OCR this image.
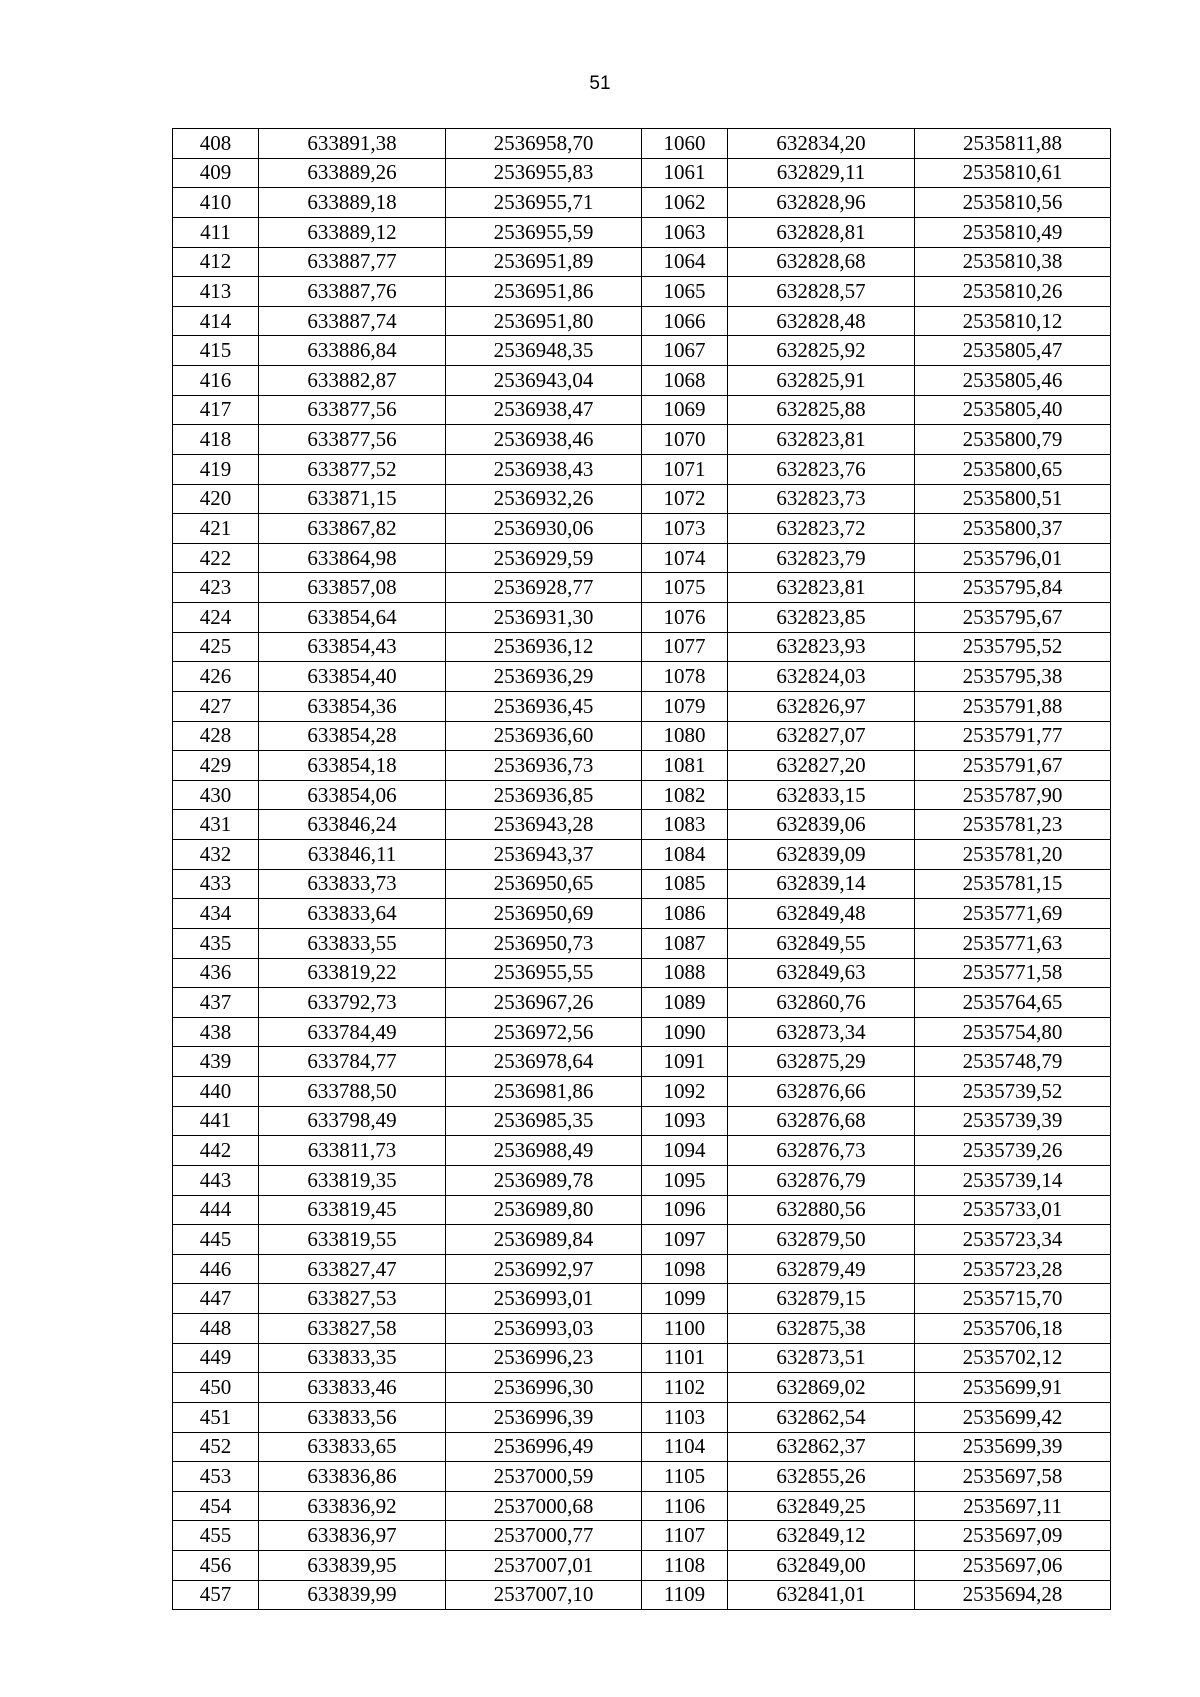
51
408	633891,38	2536958,70	1060	632834,20	2535811,88
409	633889,26	2536955,83	1061	632829,11	2535810,61
410	633889,18	2536955,71	1062	632828,96	2535810,56
411	633889,12	2536955,59	1063	632828,81	2535810,49
412	633887,77	2536951,89	1064	632828,68	2535810,38
413	633887,76	2536951,86	1065	632828,57	2535810,26
414	633887,74	2536951,80	1066	632828,48	2535810,12
415	633886,84	2536948,35	1067	632825,92	2535805,47
416	633882,87	2536943,04	1068	632825,91	2535805,46
417	633877,56	2536938,47	1069	632825,88	2535805,40
418	633877,56	2536938,46	1070	632823,81	2535800,79
419	633877,52	2536938,43	1071	632823,76	2535800,65
420	633871,15	2536932,26	1072	632823,73	2535800,51
421	633867,82	2536930,06	1073	632823,72	2535800,37
422	633864,98	2536929,59	1074	632823,79	2535796,01
423	633857,08	2536928,77	1075	632823,81	2535795,84
424	633854,64	2536931,30	1076	632823,85	2535795,67
425	633854,43	2536936,12	1077	632823,93	2535795,52
426	633854,40	2536936,29	1078	632824,03	2535795,38
427	633854,36	2536936,45	1079	632826,97	2535791,88
428	633854,28	2536936,60	1080	632827,07	2535791,77
429	633854,18	2536936,73	1081	632827,20	2535791,67
430	633854,06	2536936,85	1082	632833,15	2535787,90
431	633846,24	2536943,28	1083	632839,06	2535781,23
432	633846,11	2536943,37	1084	632839,09	2535781,20
433	633833,73	2536950,65	1085	632839,14	2535781,15
434	633833,64	2536950,69	1086	632849,48	2535771,69
435	633833,55	2536950,73	1087	632849,55	2535771,63
436	633819,22	2536955,55	1088	632849,63	2535771,58
437	633792,73	2536967,26	1089	632860,76	2535764,65
438	633784,49	2536972,56	1090	632873,34	2535754,80
439	633784,77	2536978,64	1091	632875,29	2535748,79
440	633788,50	2536981,86	1092	632876,66	2535739,52
441	633798,49	2536985,35	1093	632876,68	2535739,39
442	633811,73	2536988,49	1094	632876,73	2535739,26
443	633819,35	2536989,78	1095	632876,79	2535739,14
444	633819,45	2536989,80	1096	632880,56	2535733,01
445	633819,55	2536989,84	1097	632879,50	2535723,34
446	633827,47	2536992,97	1098	632879,49	2535723,28
447	633827,53	2536993,01	1099	632879,15	2535715,70
448	633827,58	2536993,03	1100	632875,38	2535706,18
449	633833,35	2536996,23	1101	632873,51	2535702,12
450	633833,46	2536996,30	1102	632869,02	2535699,91
451	633833,56	2536996,39	1103	632862,54	2535699,42
452	633833,65	2536996,49	1104	632862,37	2535699,39
453	633836,86	2537000,59	1105	632855,26	2535697,58
454	633836,92	2537000,68	1106	632849,25	2535697,11
455	633836,97	2537000,77	1107	632849,12	2535697,09
456	633839,95	2537007,01	1108	632849,00	2535697,06
457	633839,99	2537007,10	1109	632841,01	2535694,28
